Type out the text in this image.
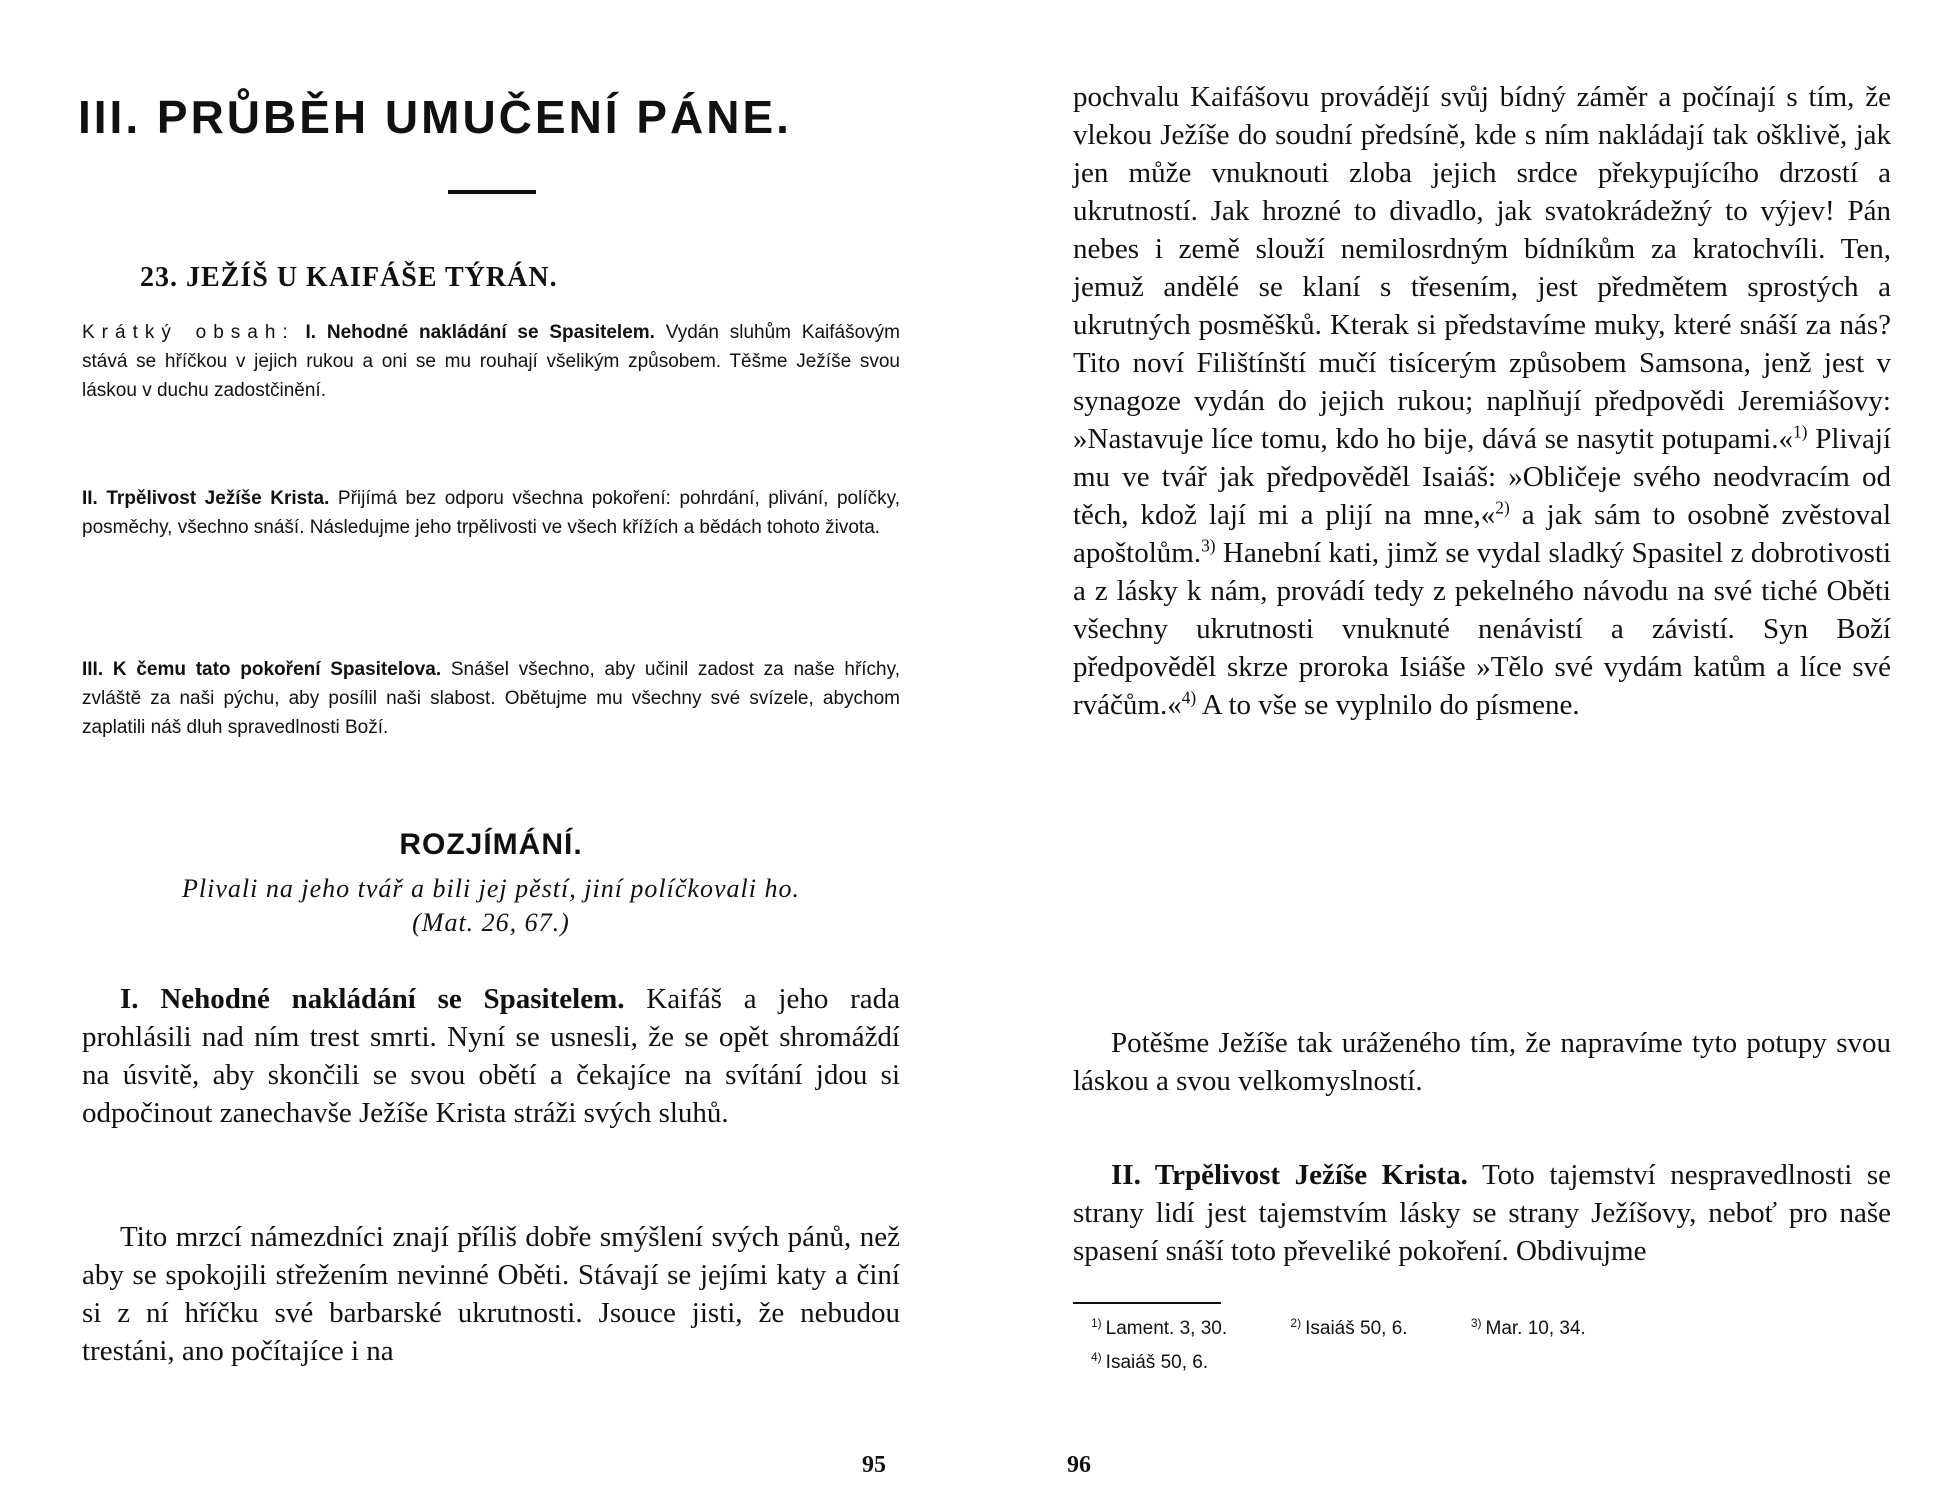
III. PRŮBĚH UMUČENÍ PÁNE.
23. JEŽÍŠ U KAIFÁŠE TÝRÁN.

Krátký obsah: I. Nehodné nakládání se Spasitelem. Vydán sluhům Kaifášovým stává se hříčkou v jejich rukou a oni se mu rouhají všelikým způsobem. Těšme Ježíše svou láskou v duchu zadostčinění.

II. Trpělivost Ježíše Krista. Přijímá bez odporu všechna pokoření: pohrdání, plivání, políčky, posměchy, všechno snáší. Následujme jeho trpělivosti ve všech křížích a bědách tohoto života.

III. K čemu tato pokoření Spasitelova. Snášel všechno, aby učinil zadost za naše hříchy, zvláště za naši pýchu, aby posílil naši slabost. Obětujme mu všechny své svízele, abychom zaplatili náš dluh spravedlnosti Boží.

ROZJÍMÁNÍ.

Plivali na jeho tvář a bili jej pěstí, jiní políčkovali ho.
(Mat. 26, 67.)

I. Nehodné nakládání se Spasitelem. Kaifáš a jeho rada prohlásili nad ním trest smrti. Nyní se usnesli, že se opět shromáždí na úsvitě, aby skončili se svou obětí a čekajíce na svítání jdou si odpočinout zanechavše Ježíše Krista stráži svých sluhů.

Tito mrzcí námezdníci znají příliš dobře smýšlení svých pánů, než aby se spokojili střežením nevinné Oběti. Stávají se jejími katy a činí si z ní hříčku své barbarské ukrutnosti. Jsouce jisti, že nebudou trestáni, ano počítajíce i na

95

pochvalu Kaifášovu provádějí svůj bídný záměr a počínají s tím, že vlekou Ježíše do soudní předsíně, kde s ním nakládají tak ošklivě, jak jen může vnuknouti zloba jejich srdce překypujícího drzostí a ukrutností. Jak hrozné to divadlo, jak svatokrádežný to výjev! Pán nebes i země slouží nemilosrdným bídníkům za kratochvíli. Ten, jemuž andělé se klaní s třesením, jest předmětem sprostých a ukrutných posměšků. Kterak si představíme muky, které snáší za nás? Tito noví Filištínští mučí tisícerým způsobem Samsona, jenž jest v synagoze vydán do jejich rukou; naplňují předpovědi Jeremiášovy: »Nastavuje líce tomu, kdo ho bije, dává se nasytit potupami.«$^{1)}$ Plivají mu ve tvář jak předpověděl Isaiáš: »Obličeje svého neodvracím od těch, kdož lají mi a plijí na mne,«$^{2)}$ a jak sám to osobně zvěstoval apoštolům.$^{3)}$ Hanební kati, jimž se vydal sladký Spasitel z dobrotivosti a z lásky k nám, provádí tedy z pekelného návodu na své tiché Oběti všechny ukrutnosti vnuknuté nenávistí a závistí. Syn Boží předpověděl skrze proroka Isiáše »Tělo své vydám katům a líce své rváčům.«$^{4)}$ A to vše se vyplnilo do písmene.

Potěšme Ježíše tak uráženého tím, že napravíme tyto potupy svou láskou a svou velkomyslností.

II. Trpělivost Ježíše Krista. Toto tajemství nespravedlnosti se strany lidí jest tajemstvím lásky se strany Ježíšovy, neboť pro naše spasení snáší toto převeliké pokoření. Obdivujme

$^{1)}$ Lament. 3, 30.	$^{2)}$ Isaiáš 50, 6.	$^{3)}$ Mar. 10, 34.
$^{4)}$ Isaiáš 50, 6.
96
